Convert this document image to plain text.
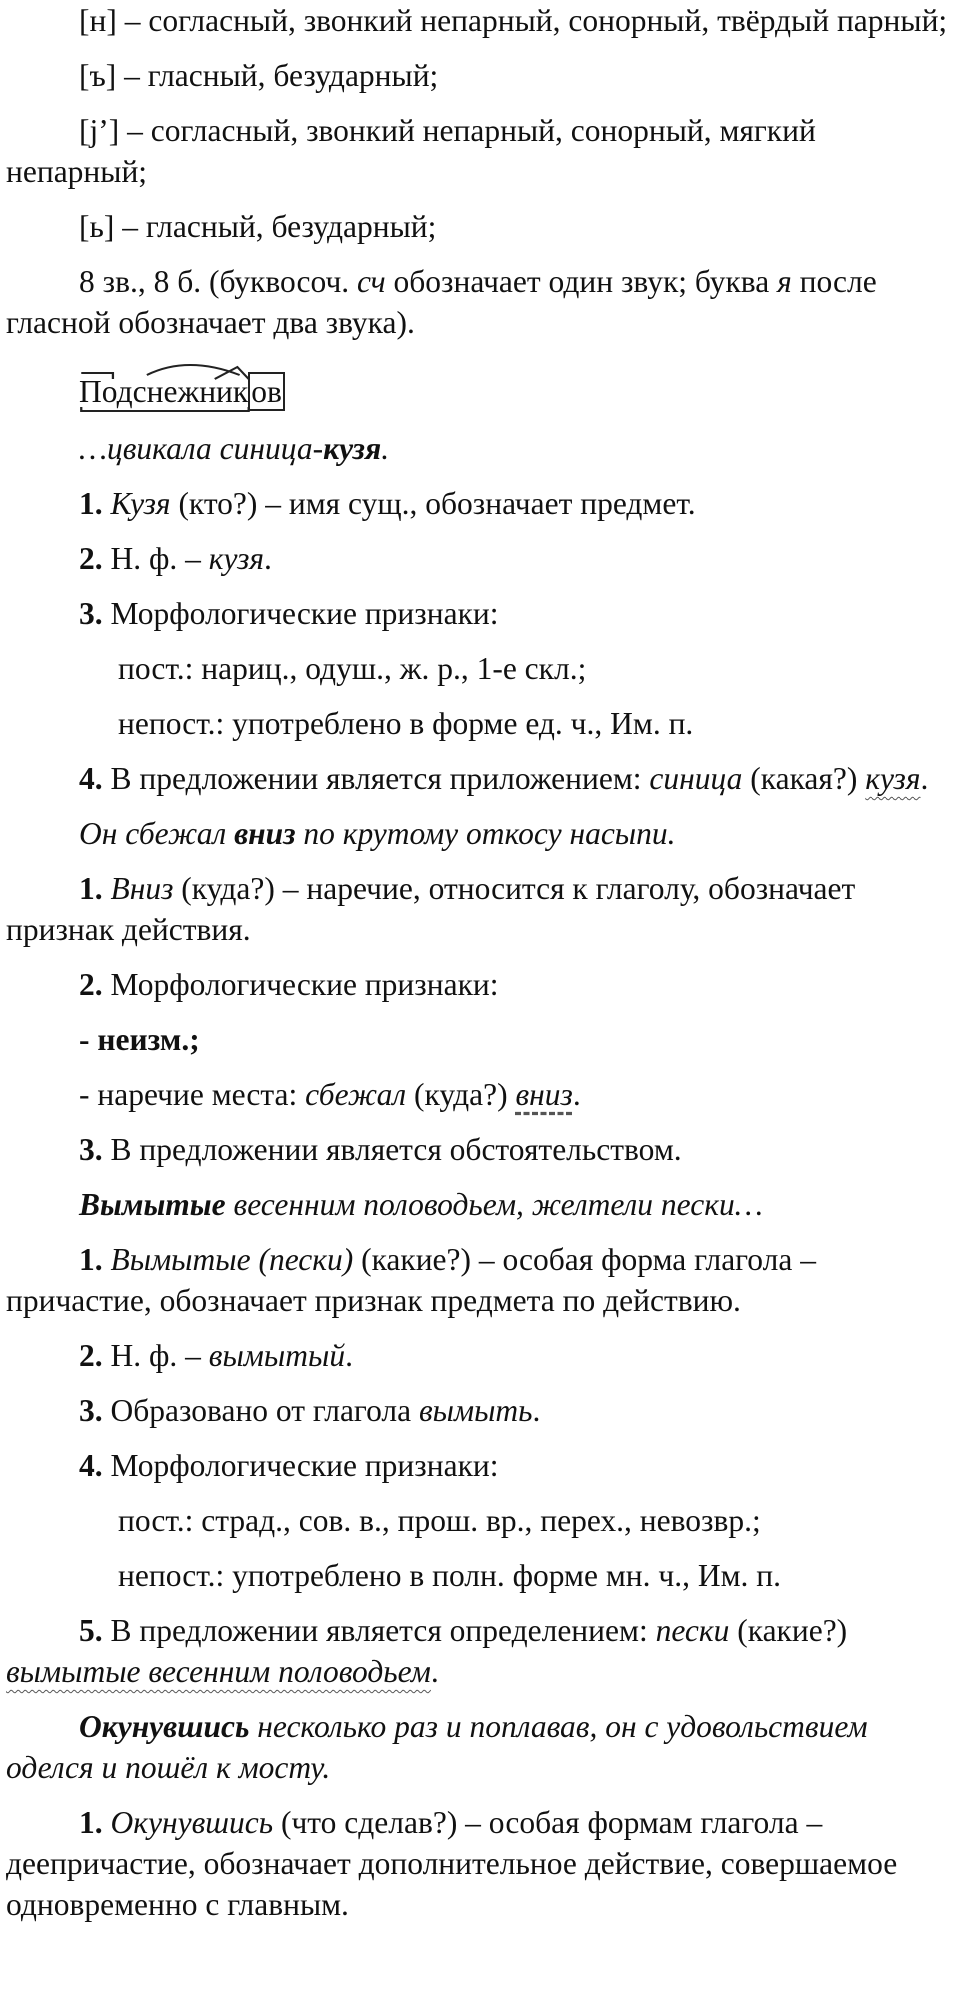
[н] – согласный, звонкий непарный, сонорный, твёрдый парный;

[ъ] – гласный, безударный;

[j’] – согласный, звонкий непарный, сонорный, мягкий непарный;

[ь] – гласный, безударный;

8 зв., 8 б. (буквосоч. сч обозначает один звук; буква я после гласной обозначает два звука).

Подснежников

…цвикала синица-кузя.

1. Кузя (кто?) – имя сущ., обозначает предмет.

2. Н. ф. – кузя.

3. Морфологические признаки:

пост.: нариц., одуш., ж. р., 1-е скл.;

непост.: употреблено в форме ед. ч., Им. п.

4. В предложении является приложением: синица (какая?) кузя.

Он сбежал вниз по крутому откосу насыпи.

1. Вниз (куда?) – наречие, относится к глаголу, обозначает признак действия.

2. Морфологические признаки:

- неизм.;

- наречие места: сбежал (куда?) вниз.

3. В предложении является обстоятельством.

Вымытые весенним половодьем, желтели пески…

1. Вымытые (пески) (какие?) – особая форма глагола – причастие, обозначает признак предмета по действию.

2. Н. ф. – вымытый.

3. Образовано от глагола вымыть.

4. Морфологические признаки:

пост.: страд., сов. в., прош. вр., перех., невозвр.;

непост.: употреблено в полн. форме мн. ч., Им. п.

5. В предложении является определением: пески (какие?) вымытые весенним половодьем.

Окунувшись несколько раз и поплавав, он с удовольствием оделся и пошёл к мосту.

1. Окунувшись (что сделав?) – особая формам глагола – деепричастие, обозначает дополнительное действие, совершаемое одновременно с главным.
